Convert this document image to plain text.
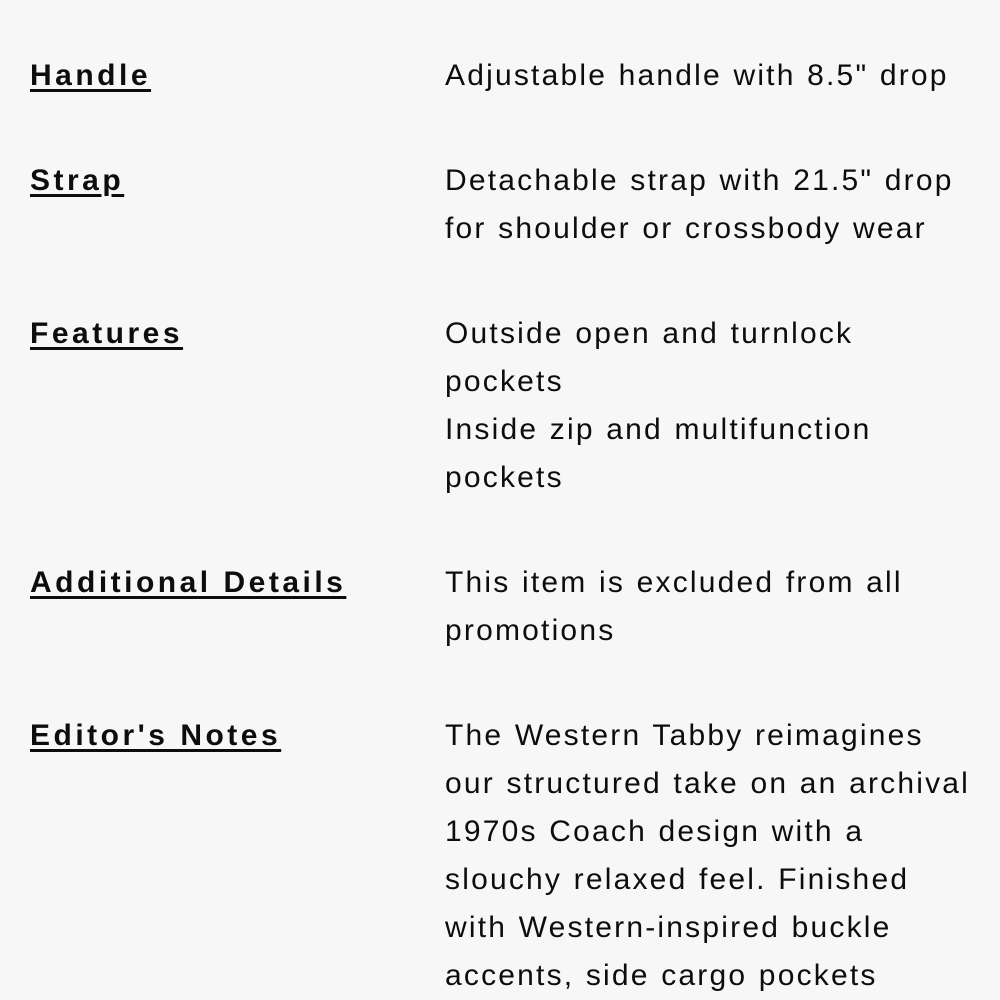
Handle	Adjustable handle with 8.5" drop
Strap	Detachable strap with 21.5" drop
for shoulder or crossbody wear
Features	Outside open and turnlock
pockets
Inside zip and multifunction
pockets
Additional Details	This item is excluded from all
promotions
Editor's Notes	The Western Tabby reimagines
our structured take on an archival
1970s Coach design with a
slouchy relaxed feel. Finished
with Western-inspired buckle
accents, side cargo pockets
